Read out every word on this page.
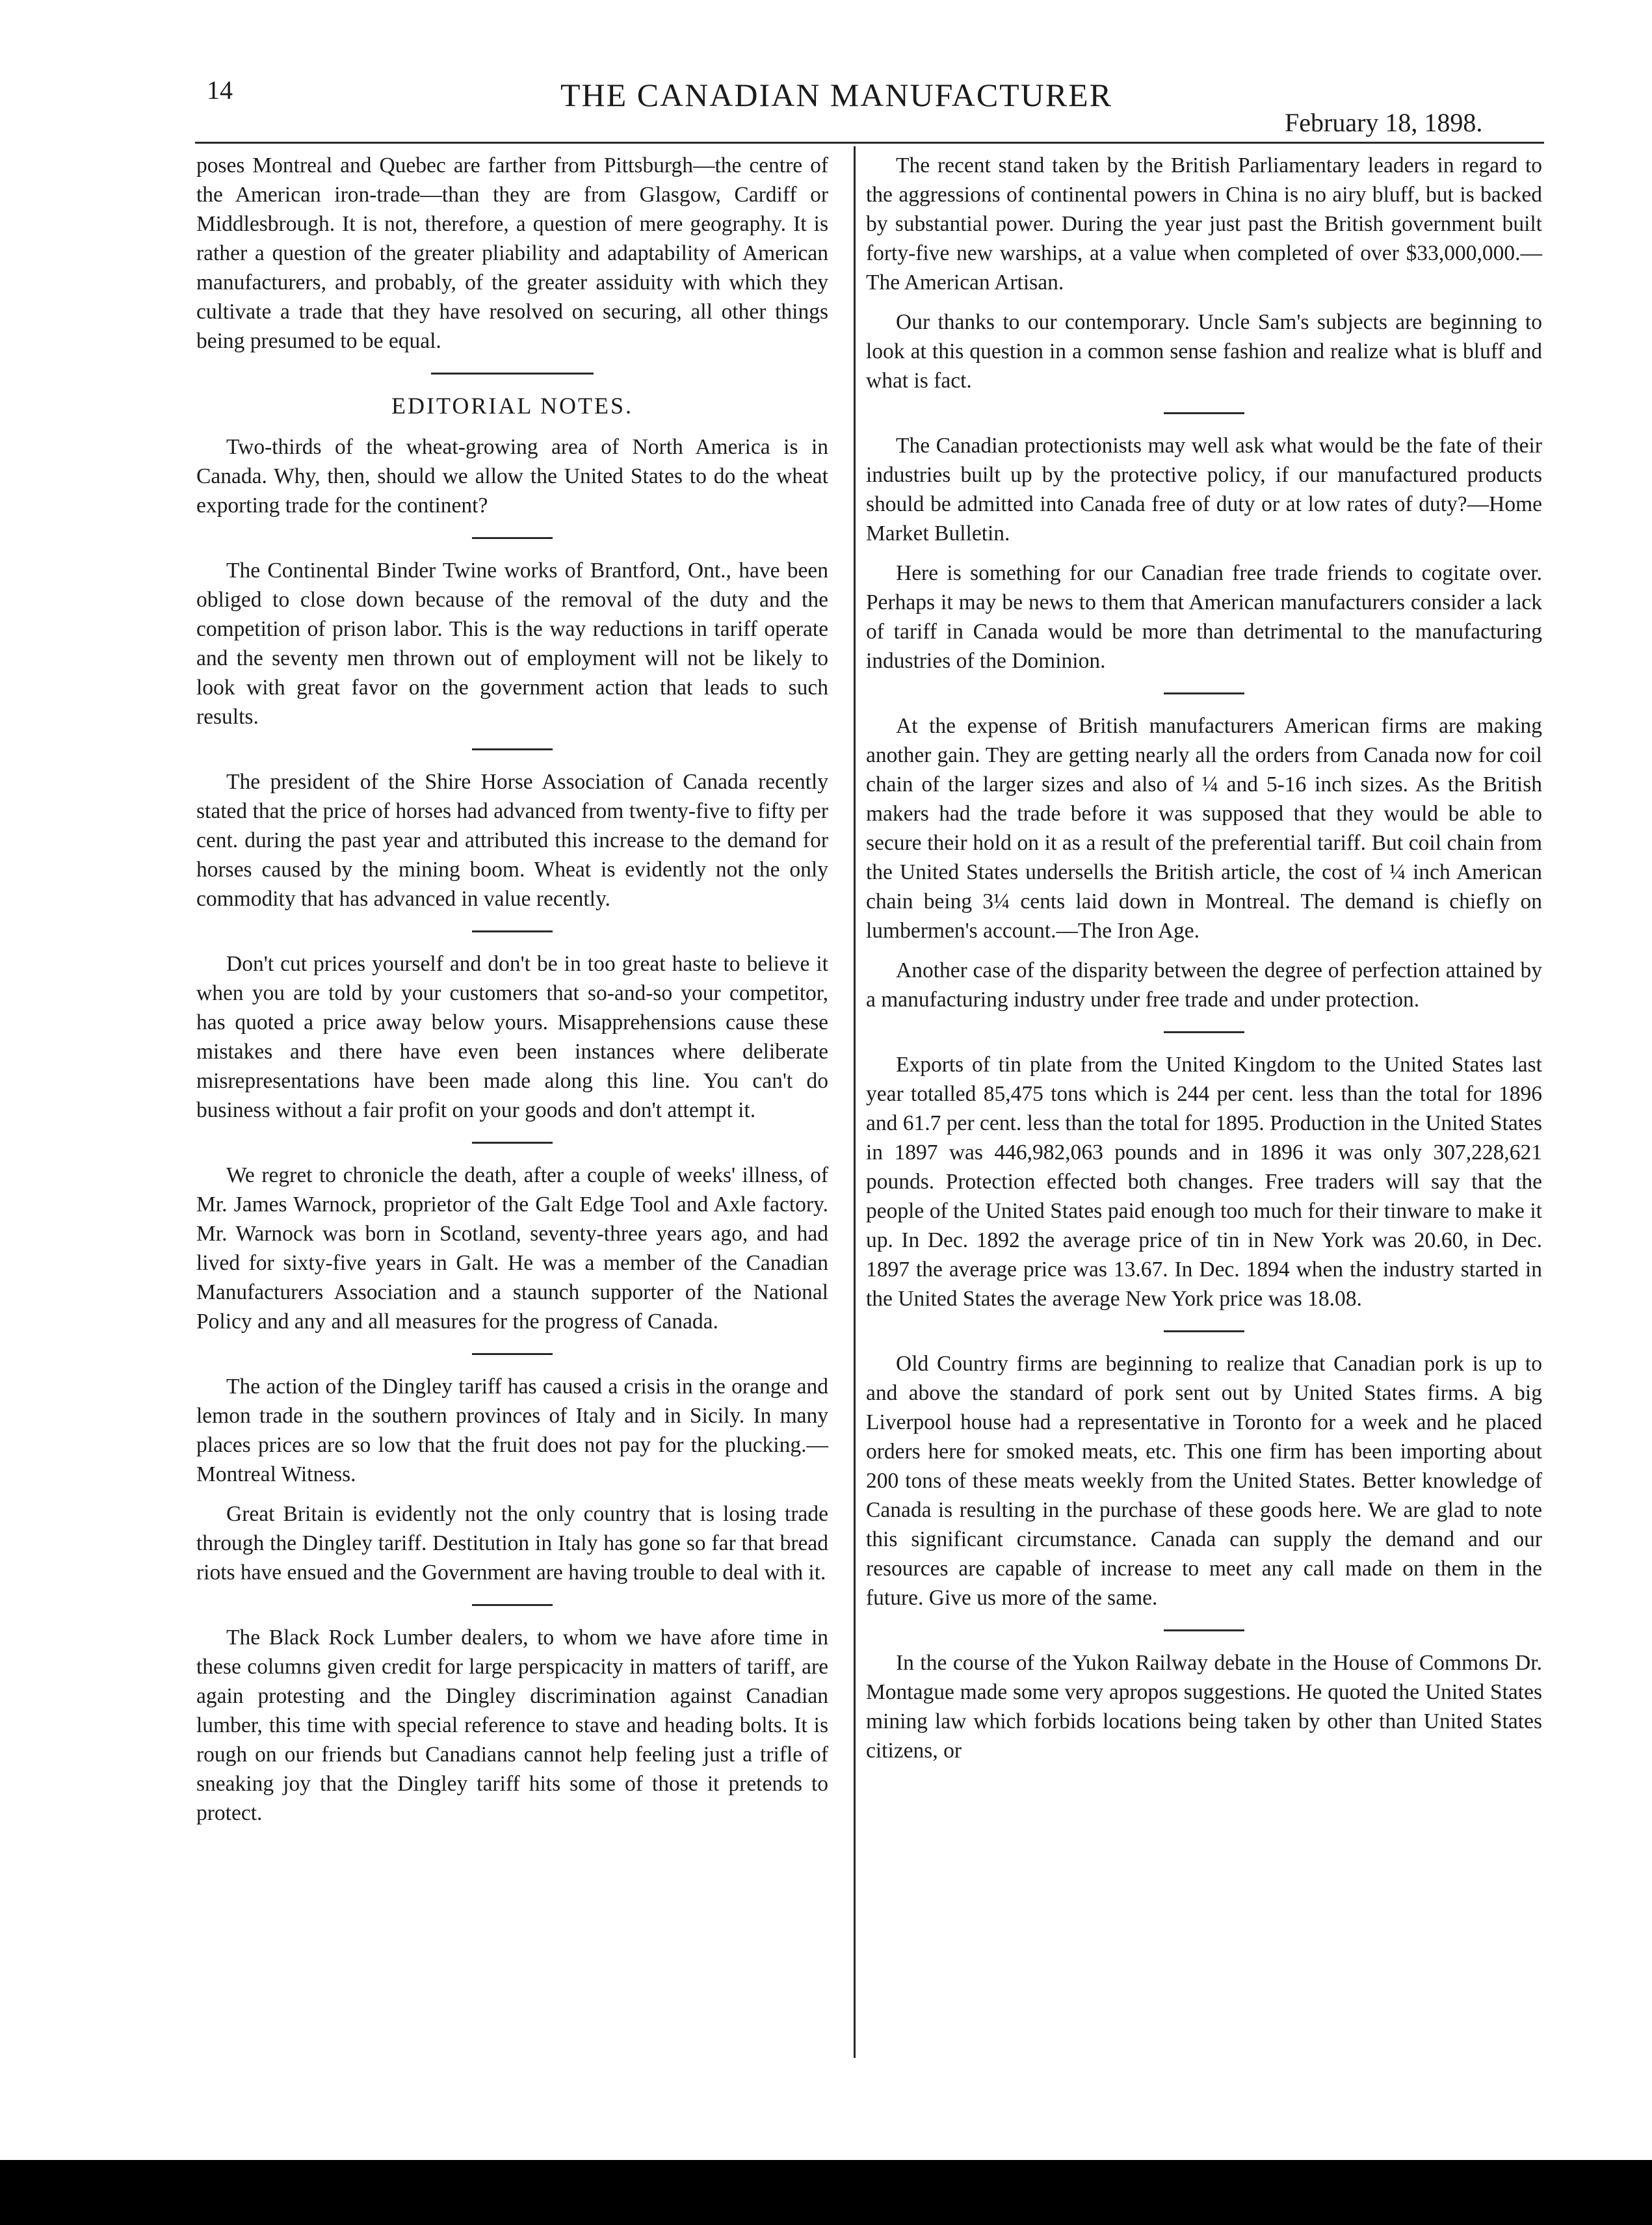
14	THE CANADIAN MANUFACTURER
February 18, 1898.

poses Montreal and Quebec are farther from Pittsburgh—the centre of the American iron-trade—than they are from Glasgow, Cardiff or Middlesbrough. It is not, therefore, a question of mere geography. It is rather a question of the greater pliability and adaptability of American manufacturers, and probably, of the greater assiduity with which they cultivate a trade that they have resolved on securing, all other things being presumed to be equal.

EDITORIAL NOTES.

Two-thirds of the wheat-growing area of North America is in Canada. Why, then, should we allow the United States to do the wheat exporting trade for the continent?

The Continental Binder Twine works of Brantford, Ont., have been obliged to close down because of the removal of the duty and the competition of prison labor. This is the way reductions in tariff operate and the seventy men thrown out of employment will not be likely to look with great favor on the government action that leads to such results.

The president of the Shire Horse Association of Canada recently stated that the price of horses had advanced from twenty-five to fifty per cent. during the past year and attributed this increase to the demand for horses caused by the mining boom. Wheat is evidently not the only commodity that has advanced in value recently.

Don't cut prices yourself and don't be in too great haste to believe it when you are told by your customers that so-and-so your competitor, has quoted a price away below yours. Misapprehensions cause these mistakes and there have even been instances where deliberate misrepresentations have been made along this line. You can't do business without a fair profit on your goods and don't attempt it.

We regret to chronicle the death, after a couple of weeks' illness, of Mr. James Warnock, proprietor of the Galt Edge Tool and Axle factory. Mr. Warnock was born in Scotland, seventy-three years ago, and had lived for sixty-five years in Galt. He was a member of the Canadian Manufacturers Association and a staunch supporter of the National Policy and any and all measures for the progress of Canada.

The action of the Dingley tariff has caused a crisis in the orange and lemon trade in the southern provinces of Italy and in Sicily. In many places prices are so low that the fruit does not pay for the plucking.—Montreal Witness.

Great Britain is evidently not the only country that is losing trade through the Dingley tariff. Destitution in Italy has gone so far that bread riots have ensued and the Government are having trouble to deal with it.

The Black Rock Lumber dealers, to whom we have afore time in these columns given credit for large perspicacity in matters of tariff, are again protesting and the Dingley discrimination against Canadian lumber, this time with special reference to stave and heading bolts. It is rough on our friends but Canadians cannot help feeling just a trifle of sneaking joy that the Dingley tariff hits some of those it pretends to protect.

The recent stand taken by the British Parliamentary leaders in regard to the aggressions of continental powers in China is no airy bluff, but is backed by substantial power. During the year just past the British government built forty-five new warships, at a value when completed of over $33,000,000.—The American Artisan.

Our thanks to our contemporary. Uncle Sam's subjects are beginning to look at this question in a common sense fashion and realize what is bluff and what is fact.

The Canadian protectionists may well ask what would be the fate of their industries built up by the protective policy, if our manufactured products should be admitted into Canada free of duty or at low rates of duty?—Home Market Bulletin.

Here is something for our Canadian free trade friends to cogitate over. Perhaps it may be news to them that American manufacturers consider a lack of tariff in Canada would be more than detrimental to the manufacturing industries of the Dominion.

At the expense of British manufacturers American firms are making another gain. They are getting nearly all the orders from Canada now for coil chain of the larger sizes and also of ¼ and 5-16 inch sizes. As the British makers had the trade before it was supposed that they would be able to secure their hold on it as a result of the preferential tariff. But coil chain from the United States undersells the British article, the cost of ¼ inch American chain being 3¼ cents laid down in Montreal. The demand is chiefly on lumbermen's account.—The Iron Age.

Another case of the disparity between the degree of perfection attained by a manufacturing industry under free trade and under protection.

Exports of tin plate from the United Kingdom to the United States last year totalled 85,475 tons which is 244 per cent. less than the total for 1896 and 61.7 per cent. less than the total for 1895. Production in the United States in 1897 was 446,982,063 pounds and in 1896 it was only 307,228,621 pounds. Protection effected both changes. Free traders will say that the people of the United States paid enough too much for their tinware to make it up. In Dec. 1892 the average price of tin in New York was 20.60, in Dec. 1897 the average price was 13.67. In Dec. 1894 when the industry started in the United States the average New York price was 18.08.

Old Country firms are beginning to realize that Canadian pork is up to and above the standard of pork sent out by United States firms. A big Liverpool house had a representative in Toronto for a week and he placed orders here for smoked meats, etc. This one firm has been importing about 200 tons of these meats weekly from the United States. Better knowledge of Canada is resulting in the purchase of these goods here. We are glad to note this significant circumstance. Canada can supply the demand and our resources are capable of increase to meet any call made on them in the future. Give us more of the same.

In the course of the Yukon Railway debate in the House of Commons Dr. Montague made some very apropos suggestions. He quoted the United States mining law which forbids locations being taken by other than United States citizens, or
